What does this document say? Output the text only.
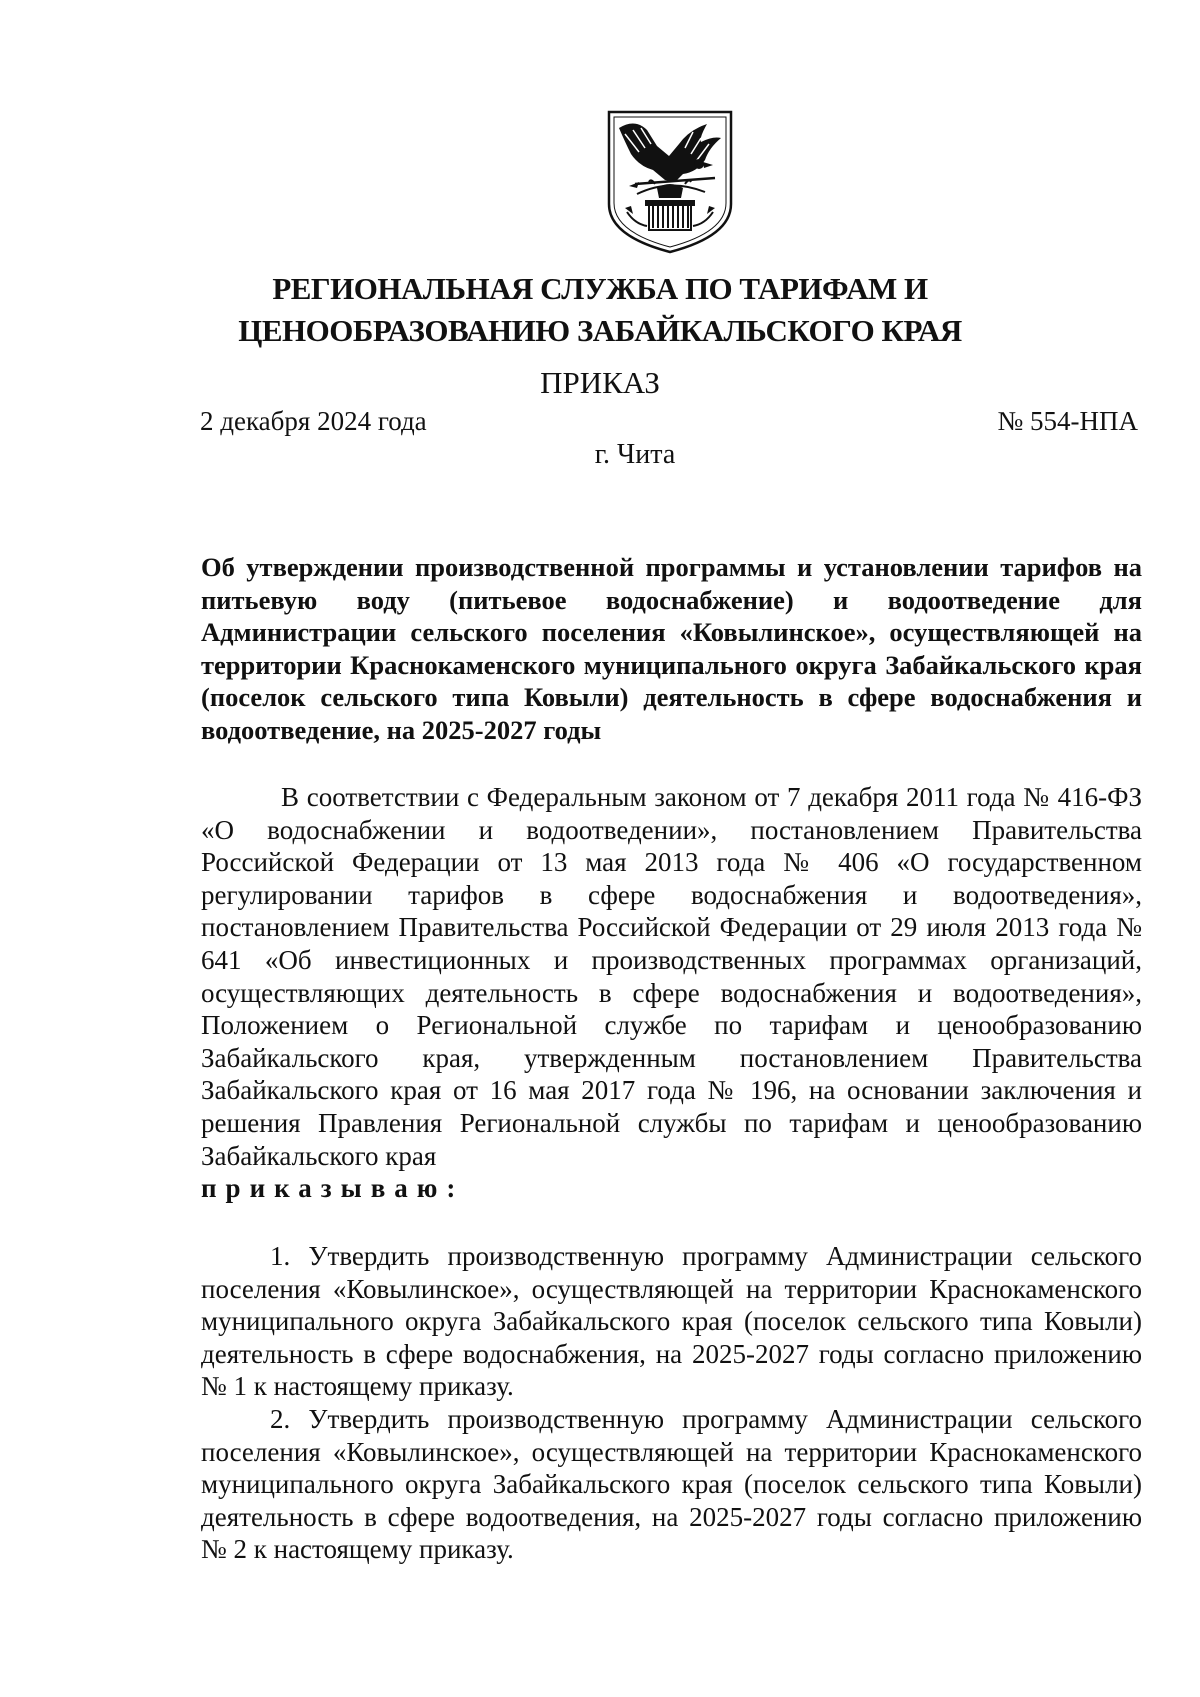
РЕГИОНАЛЬНАЯ СЛУЖБА ПО ТАРИФАМ И
ЦЕНООБРАЗОВАНИЮ ЗАБАЙКАЛЬСКОГО КРАЯ
ПРИКАЗ
2 декабря 2024 года	№ 554-НПА
г. Чита
Об утверждении производственной программы и установлении тарифов на питьевую воду (питьевое водоснабжение) и водоотведение для Администрации сельского поселения «Ковылинское», осуществляющей на территории Краснокаменского муниципального округа Забайкальского края (поселок сельского типа Ковыли) деятельность в сфере водоснабжения и водоотведение, на 2025-2027 годы
В соответствии с Федеральным законом от 7 декабря 2011 года № 416-ФЗ «О водоснабжении и водоотведении», постановлением Правительства Российской Федерации от 13 мая 2013 года № 406 «О государственном регулировании тарифов в сфере водоснабжения и водоотведения», постановлением Правительства Российской Федерации от 29 июля 2013 года № 641 «Об инвестиционных и производственных программах организаций, осуществляющих деятельность в сфере водоснабжения и водоотведения», Положением о Региональной службе по тарифам и ценообразованию Забайкальского края, утвержденным постановлением Правительства Забайкальского края от 16 мая 2017 года № 196, на основании заключения и решения Правления Региональной службы по тарифам и ценообразованию Забайкальского края
приказываю:

1. Утвердить производственную программу Администрации сельского поселения «Ковылинское», осуществляющей на территории Краснокаменского муниципального округа Забайкальского края (поселок сельского типа Ковыли) деятельность в сфере водоснабжения, на 2025-2027 годы согласно приложению № 1 к настоящему приказу.

2. Утвердить производственную программу Администрации сельского поселения «Ковылинское», осуществляющей на территории Краснокаменского муниципального округа Забайкальского края (поселок сельского типа Ковыли) деятельность в сфере водоотведения, на 2025-2027 годы согласно приложению № 2 к настоящему приказу.
